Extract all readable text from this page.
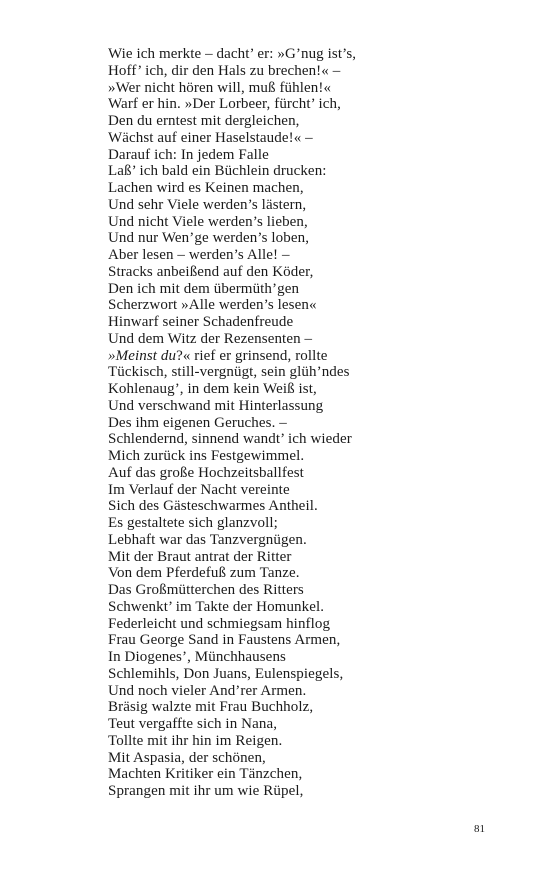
Wie ich merkte – dacht’ er: »G’nug ist’s,
Hoff’ ich, dir den Hals zu brechen!« –
»Wer nicht hören will, muß fühlen!«
Warf er hin. »Der Lorbeer, fürcht’ ich,
Den du erntest mit dergleichen,
Wächst auf einer Haselstaude!« –
Darauf ich: In jedem Falle
Laß’ ich bald ein Büchlein drucken:
Lachen wird es Keinen machen,
Und sehr Viele werden’s lästern,
Und nicht Viele werden’s lieben,
Und nur Wen’ge werden’s loben,
Aber lesen – werden’s Alle! –
Stracks anbeißend auf den Köder,
Den ich mit dem übermüth’gen
Scherzwort »Alle werden’s lesen«
Hinwarf seiner Schadenfreude
Und dem Witz der Rezensenten –
»Meinst du?« rief er grinsend, rollte
Tückisch, still-vergnügt, sein glüh’ndes
Kohlenaug’, in dem kein Weiß ist,
Und verschwand mit Hinterlassung
Des ihm eigenen Geruches. –
Schlendernd, sinnend wandt’ ich wieder
Mich zurück ins Festgewimmel.
Auf das große Hochzeitsballfest
Im Verlauf der Nacht vereinte
Sich des Gästeschwarmes Antheil.
Es gestaltete sich glanzvoll;
Lebhaft war das Tanzvergnügen.
Mit der Braut antrat der Ritter
Von dem Pferdefuß zum Tanze.
Das Großmütterchen des Ritters
Schwenkt’ im Takte der Homunkel.
Federleicht und schmiegsam hinflog
Frau George Sand in Faustens Armen,
In Diogenes’, Münchhausens
Schlemihls, Don Juans, Eulenspiegels,
Und noch vieler And’rer Armen.
Bräsig walzte mit Frau Buchholz,
Teut vergaffte sich in Nana,
Tollte mit ihr hin im Reigen.
Mit Aspasia, der schönen,
Machten Kritiker ein Tänzchen,
Sprangen mit ihr um wie Rüpel,
81
